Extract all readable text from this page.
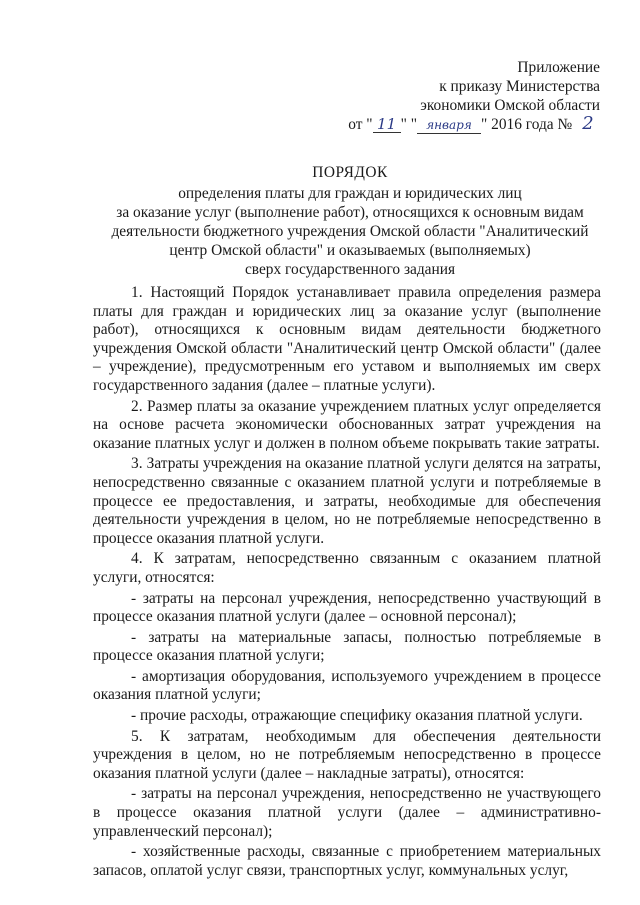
Приложение
к приказу Министерства
экономики Омской области
от " 11 " " января " 2016 года № 2
ПОРЯДОК
определения платы для граждан и юридических лиц
за оказание услуг (выполнение работ), относящихся к основным видам
деятельности бюджетного учреждения Омской области "Аналитический
центр Омской области" и оказываемых (выполняемых)
сверх государственного задания

1. Настоящий Порядок устанавливает правила определения размера платы для граждан и юридических лиц за оказание услуг (выполнение работ), относящихся к основным видам деятельности бюджетного учреждения Омской области "Аналитический центр Омской области" (далее – учреждение), предусмотренным его уставом и выполняемых им сверх государственного задания (далее – платные услуги).

2. Размер платы за оказание учреждением платных услуг определяется на основе расчета экономически обоснованных затрат учреждения на оказание платных услуг и должен в полном объеме покрывать такие затраты.

3. Затраты учреждения на оказание платной услуги делятся на затраты, непосредственно связанные с оказанием платной услуги и потребляемые в процессе ее предоставления, и затраты, необходимые для обеспечения деятельности учреждения в целом, но не потребляемые непосредственно в процессе оказания платной услуги.

4. К затратам, непосредственно связанным с оказанием платной услуги, относятся:

- затраты на персонал учреждения, непосредственно участвующий в процессе оказания платной услуги (далее – основной персонал);

- затраты на материальные запасы, полностью потребляемые в процессе оказания платной услуги;

- амортизация оборудования, используемого учреждением в процессе оказания платной услуги;

- прочие расходы, отражающие специфику оказания платной услуги.

5. К затратам, необходимым для обеспечения деятельности учреждения в целом, но не потребляемым непосредственно в процессе оказания платной услуги (далее – накладные затраты), относятся:

- затраты на персонал учреждения, непосредственно не участвующего в процессе оказания платной услуги (далее – административно-управленческий персонал);

- хозяйственные расходы, связанные с приобретением материальных запасов, оплатой услуг связи, транспортных услуг, коммунальных услуг,
